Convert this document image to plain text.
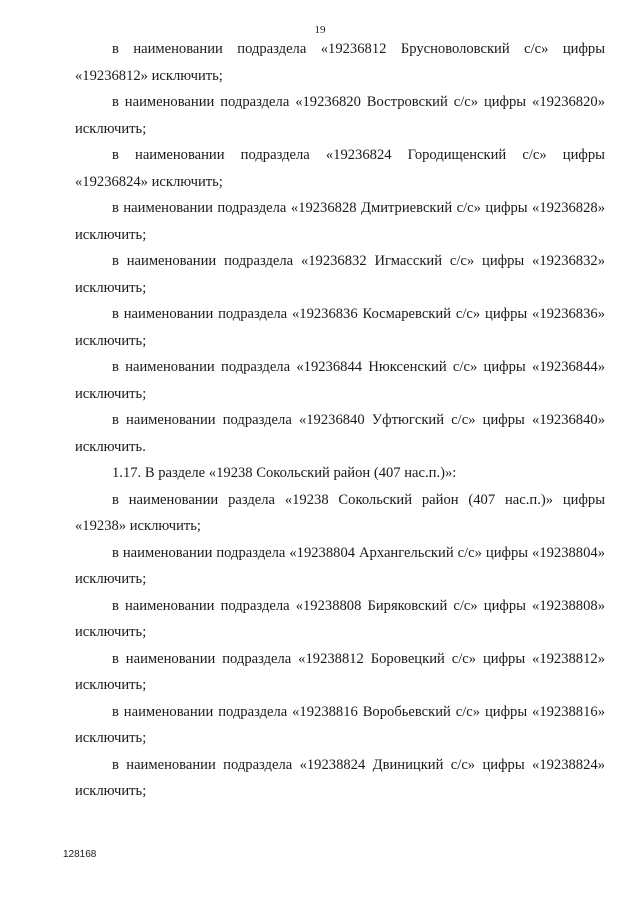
19

в наименовании подраздела «19236812 Брусноволовский с/с» цифры «19236812» исключить;

в наименовании подраздела «19236820 Востровский с/с» цифры «19236820» исключить;

в наименовании подраздела «19236824 Городищенский с/с» цифры «19236824» исключить;

в наименовании подраздела «19236828 Дмитриевский с/с» цифры «19236828» исключить;

в наименовании подраздела «19236832 Игмасский с/с» цифры «19236832» исключить;

в наименовании подраздела «19236836 Космаревский с/с» цифры «19236836» исключить;

в наименовании подраздела «19236844 Нюксенский с/с» цифры «19236844» исключить;

в наименовании подраздела «19236840 Уфтюгский с/с» цифры «19236840» исключить.

1.17. В разделе «19238 Сокольский район (407 нас.п.)»:

в наименовании раздела «19238 Сокольский район (407 нас.п.)» цифры «19238» исключить;

в наименовании подраздела «19238804 Архангельский с/с» цифры «19238804» исключить;

в наименовании подраздела «19238808 Биряковский с/с» цифры «19238808» исключить;

в наименовании подраздела «19238812 Боровецкий с/с» цифры «19238812» исключить;

в наименовании подраздела «19238816 Воробьевский с/с» цифры «19238816» исключить;

в наименовании подраздела «19238824 Двиницкий с/с» цифры «19238824» исключить;

128168
